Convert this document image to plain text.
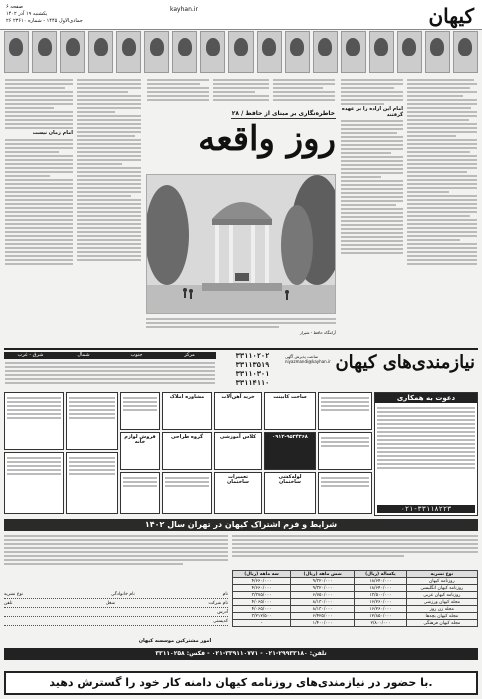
کیهان
kayhan.ir
صفحه ۶
یکشنبه ۱۹ آذر ۱۴۰۲
۲۶ جمادی‌الاول ۱۴۴۵ - شماره ۲۳۶۱۰
امام این اراده را بر عهده گرفتند
امام زمان نیست
خاطره‌نگاری بر مبنای از حافظ / ۲۸
روز واقعه
آرامگاه حافظ - شیراز
نیازمندی‌های کیهان
ساعت پذیرش آگهی
niyazmandi@kayhan.ir
۳۳۱۱۰۲۰۲
۳۳۱۱۳۵۱۹
۳۳۱۱۰۳۰۱
۳۳۱۱۴۱۱۰
مرکز
جنوب
شمال
شرق - غرب
فروش لوازم خانه
مشاوره املاک
گروه طراحی
خرید آهن‌آلات
کلاس آموزشی
تعمیرات ساختمان
ساخت کابینت
۰۹۱۲-۹۵۳۴۳۶۸
لوله‌کشی ساختمان
دعوت به همکاری
۰۲۱-۳۳۱۱۸۲۲۳
شرایط و فرم اشتراک کیهان در تهران سال ۱۴۰۲
سه ماهه (ریال)	شش ماهه (ریال)	یکساله (ریال)	نوع نشریه
۴/۶۶۰/۰۰۰	۹/۳۲۰/۰۰۰	۱۸/۶۴۰/۰۰۰	روزنامه کیهان
۴/۶۶۰/۰۰۰	۹/۳۲۰/۰۰۰	۱۸/۶۴۰/۰۰۰	روزنامه کیهان انگلیسی
۳/۳۷۵/۰۰۰	۶/۷۵۰/۰۰۰	۱۳/۵۰۰/۰۰۰	روزنامه کیهان عربی
۴/۰۶۵/۰۰۰	۸/۱۳۰/۰۰۰	۱۶/۲۶۰/۰۰۰	مجله کیهان ورزشی
۴/۰۶۵/۰۰۰	۸/۱۳۰/۰۰۰	۱۶/۲۶۰/۰۰۰	مجله زن روز
۳/۲۱۲/۵۰۰	۶/۴۲۵/۰۰۰	۱۲/۸۵۰/۰۰۰	مجله کیهان بچه‌ها
-	۱/۴۰۰/۰۰۰	۲/۸۰۰/۰۰۰	مجله کیهان فرهنگی
نام
نام خانوادگی
نوع نشریه
نام شرکت
شغل
تلفن
آدرس
کدپستی
امور مشترکین موسسه کیهان
تلفن: ۲۹۹۳۳۱۸۰-۰۲۱ - ۳۳۹۱۱۰۷۷۱-۰۲۱ - فکس: ۳۳۱۱۰۲۵۸
با حضور در نیازمندی‌های روزنامه کیهان دامنه کار خود را گسترش دهید.
